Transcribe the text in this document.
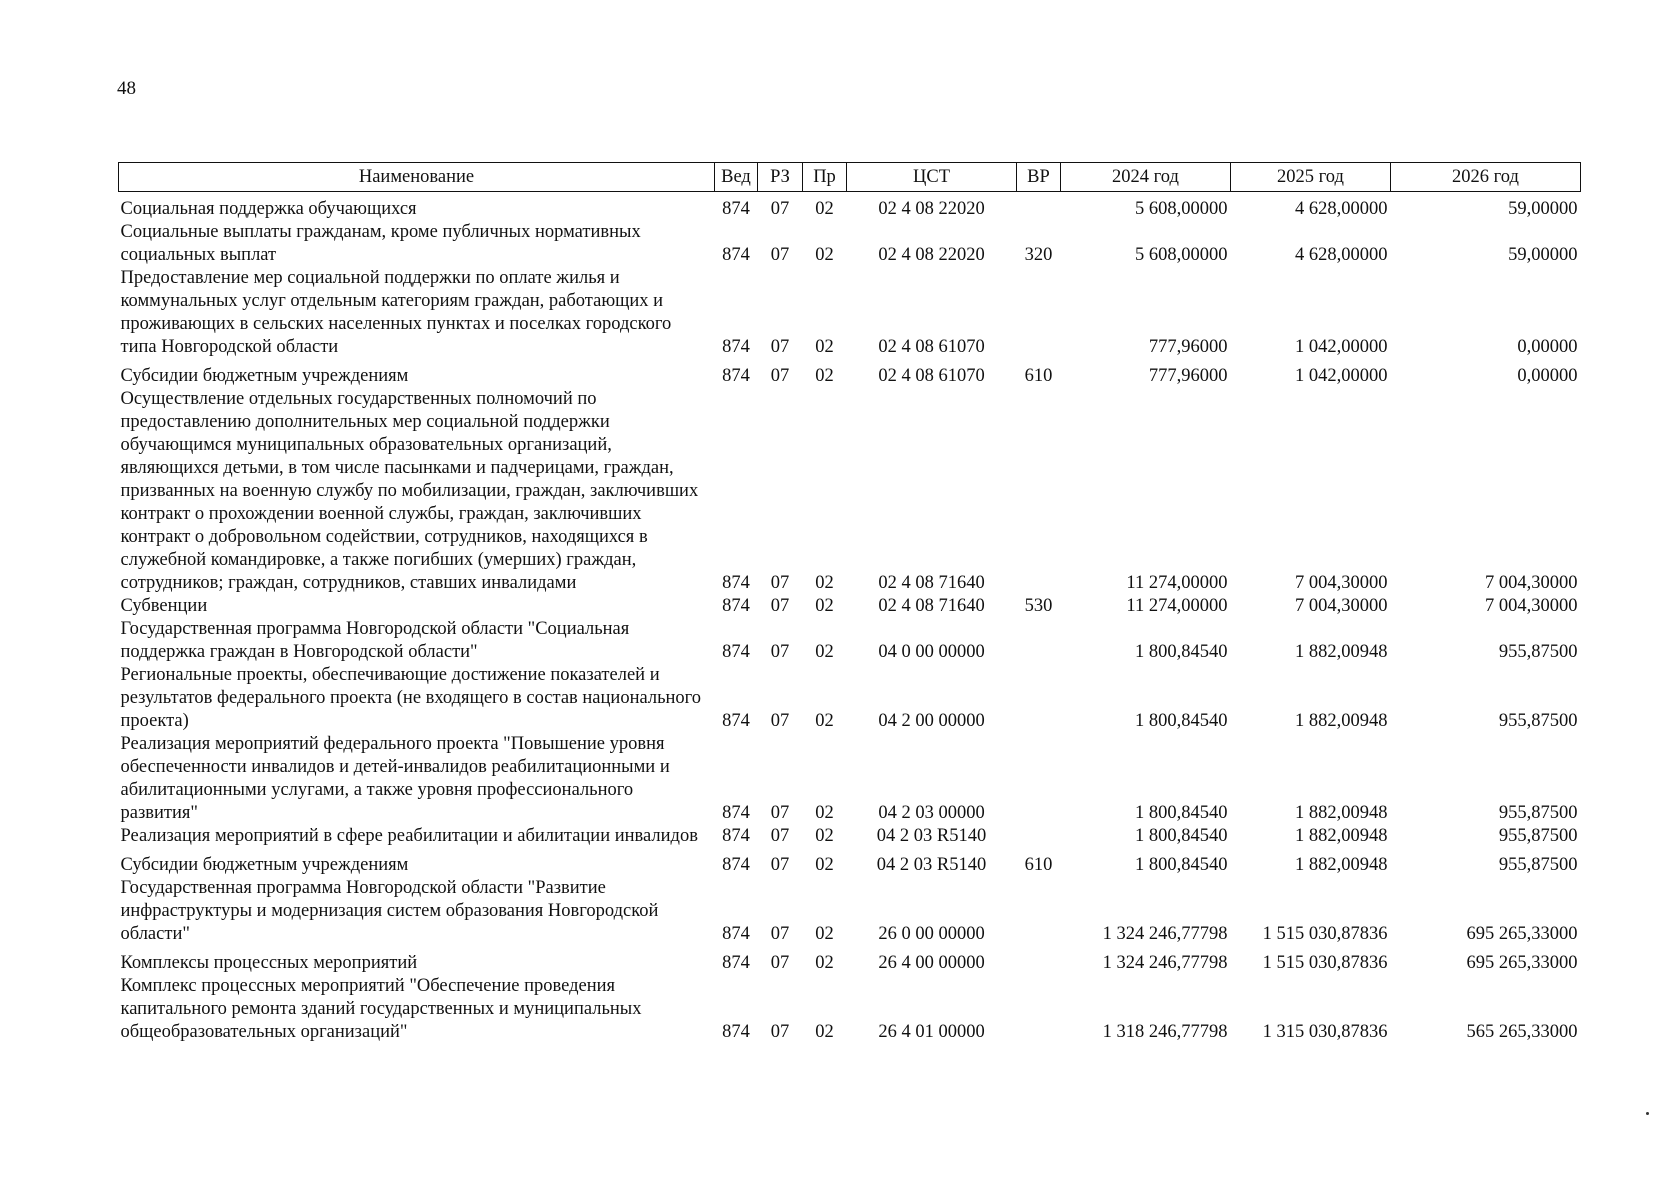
48
Наименование	Вед	РЗ	Пр	ЦСТ	ВР	2024 год	2025 год	2026 год
Социальная поддержка обучающихся	874	07	02	02 4 08 22020		5 608,00000	4 628,00000	59,00000
Социальные выплаты гражданам, кроме публичных нормативных социальных выплат	874	07	02	02 4 08 22020	320	5 608,00000	4 628,00000	59,00000
Предоставление мер социальной поддержки по оплате жилья и коммунальных услуг отдельным категориям граждан, работающих и проживающих в сельских населенных пунктах и поселках городского типа Новгородской области	874	07	02	02 4 08 61070		777,96000	1 042,00000	0,00000
Субсидии бюджетным учреждениям	874	07	02	02 4 08 61070	610	777,96000	1 042,00000	0,00000
Осуществление отдельных государственных полномочий по предоставлению дополнительных мер социальной поддержки обучающимся муниципальных образовательных организаций, являющихся детьми, в том числе пасынками и падчерицами, граждан, призванных на военную службу по мобилизации, граждан, заключивших контракт о прохождении военной службы, граждан, заключивших контракт о добровольном содействии, сотрудников, находящихся в служебной командировке, а также погибших (умерших) граждан, сотрудников; граждан, сотрудников, ставших инвалидами	874	07	02	02 4 08 71640		11 274,00000	7 004,30000	7 004,30000
Субвенции	874	07	02	02 4 08 71640	530	11 274,00000	7 004,30000	7 004,30000
Государственная программа Новгородской области "Социальная поддержка граждан в Новгородской области"	874	07	02	04 0 00 00000		1 800,84540	1 882,00948	955,87500
Региональные проекты, обеспечивающие достижение показателей и результатов федерального проекта (не входящего в состав национального проекта)	874	07	02	04 2 00 00000		1 800,84540	1 882,00948	955,87500
Реализация мероприятий федерального проекта "Повышение уровня обеспеченности инвалидов и детей-инвалидов реабилитационными и абилитационными услугами, а также уровня профессионального развития"	874	07	02	04 2 03 00000		1 800,84540	1 882,00948	955,87500
Реализация мероприятий в сфере реабилитации и абилитации инвалидов	874	07	02	04 2 03 R5140		1 800,84540	1 882,00948	955,87500
Субсидии бюджетным учреждениям	874	07	02	04 2 03 R5140	610	1 800,84540	1 882,00948	955,87500
Государственная программа Новгородской области "Развитие инфраструктуры и модернизация систем образования Новгородской области"	874	07	02	26 0 00 00000		1 324 246,77798	1 515 030,87836	695 265,33000
Комплексы процессных мероприятий	874	07	02	26 4 00 00000		1 324 246,77798	1 515 030,87836	695 265,33000
Комплекс процессных мероприятий "Обеспечение проведения капитального ремонта зданий государственных и муниципальных общеобразовательных организаций"	874	07	02	26 4 01 00000		1 318 246,77798	1 315 030,87836	565 265,33000
